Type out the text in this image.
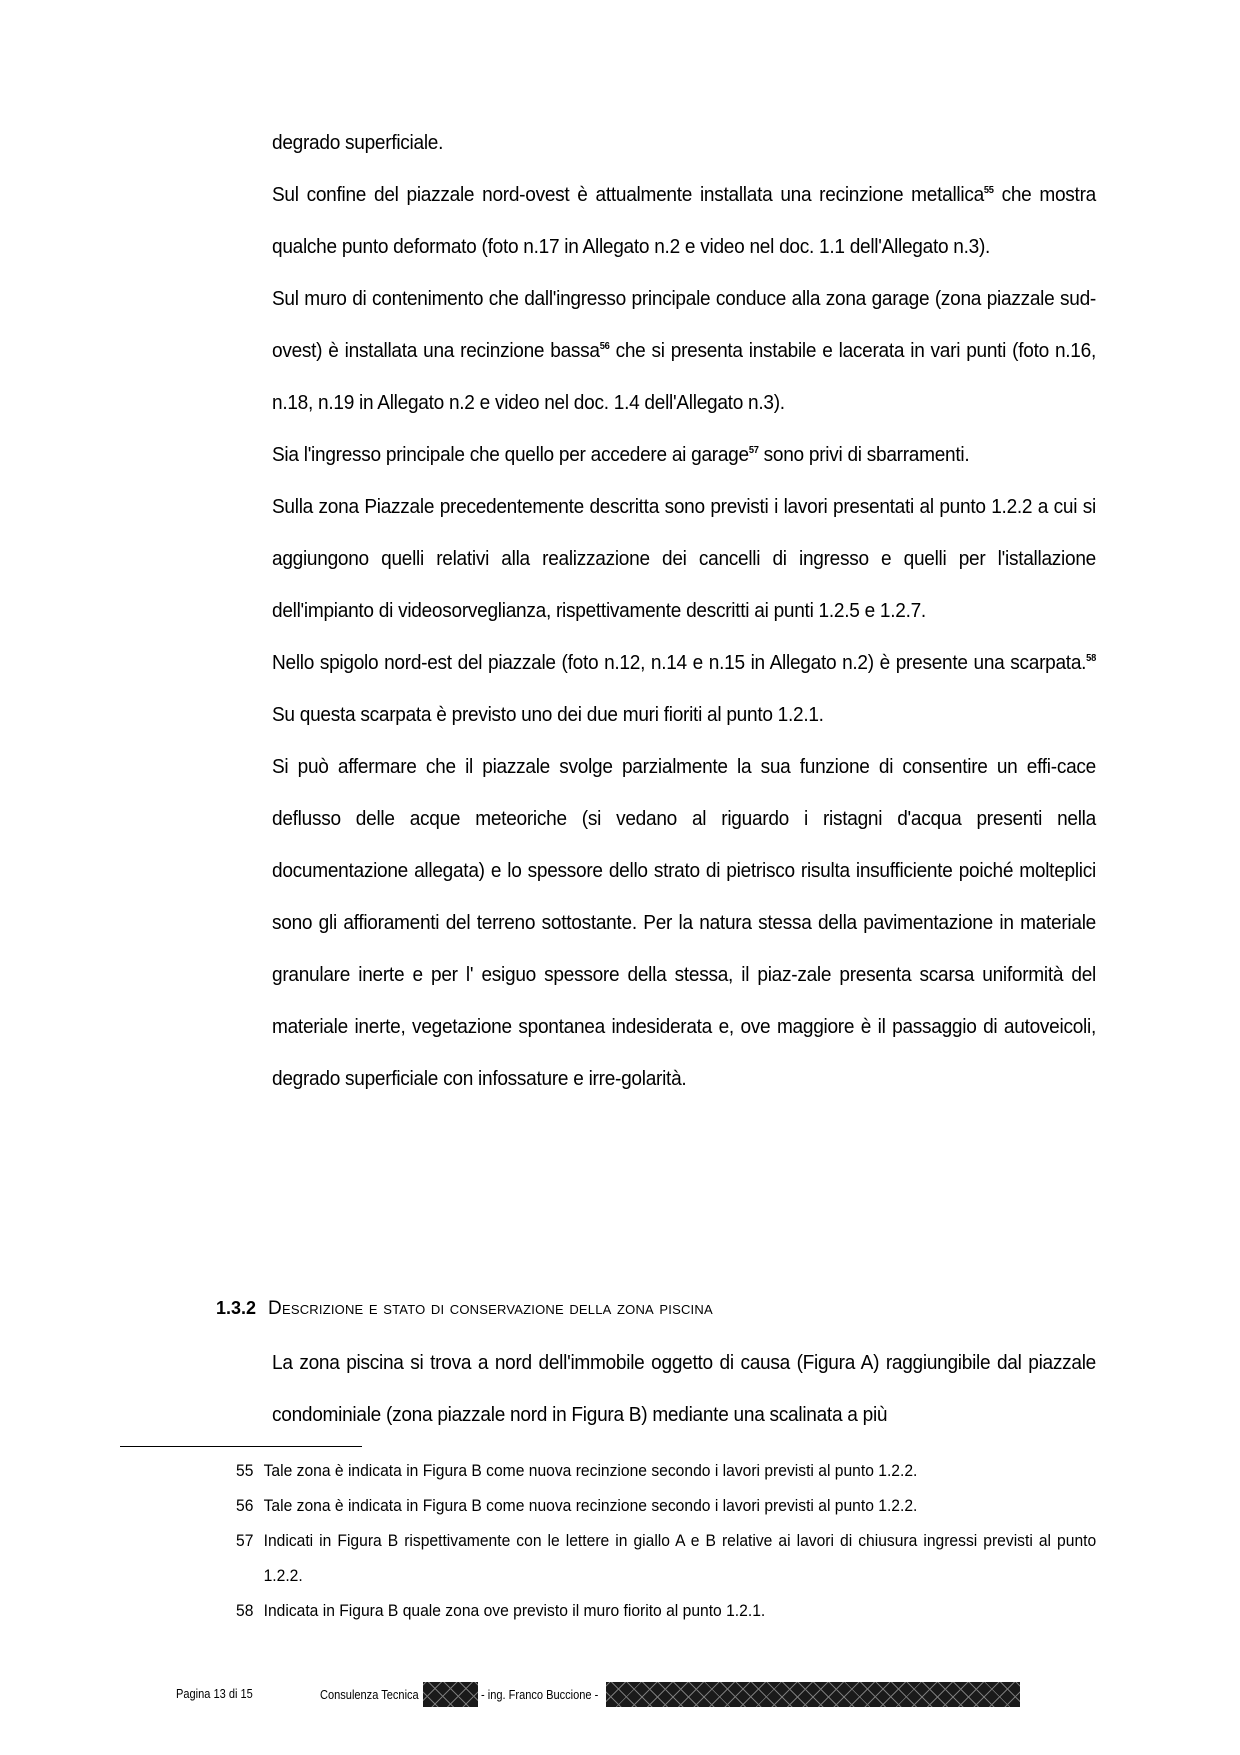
degrado superficiale.

Sul confine del piazzale nord-ovest è attualmente installata una recinzione metallica$^{55}$ che mostra qualche punto deformato (foto n.17 in Allegato n.2 e video nel doc. 1.1 dell'Allegato n.3).

Sul muro di contenimento che dall'ingresso principale conduce alla zona garage (zona piazzale sud-ovest) è installata una recinzione bassa$^{56}$ che si presenta instabile e lacerata in vari punti (foto n.16, n.18, n.19 in Allegato n.2 e video nel doc. 1.4 dell'Allegato n.3).

Sia l'ingresso principale che quello per accedere ai garage$^{57}$ sono privi di sbarramenti.

Sulla zona Piazzale precedentemente descritta sono previsti i lavori presentati al punto 1.2.2 a cui si aggiungono quelli relativi alla realizzazione dei cancelli di ingresso e quelli per l'istallazione dell'impianto di videosorveglianza, rispettivamente descritti ai punti 1.2.5 e 1.2.7.

Nello spigolo nord-est del piazzale (foto n.12, n.14 e n.15 in Allegato n.2) è presente una scarpata.$^{58}$ Su questa scarpata è previsto uno dei due muri fioriti al punto 1.2.1.

Si può affermare che il piazzale svolge parzialmente la sua funzione di consentire un effi-cace deflusso delle acque meteoriche (si vedano al riguardo i ristagni d'acqua presenti nella documentazione allegata) e lo spessore dello strato di pietrisco risulta insufficiente poiché molteplici sono gli affioramenti del terreno sottostante. Per la natura stessa della pavimentazione in materiale granulare inerte e per l' esiguo spessore della stessa, il piaz-zale presenta scarsa uniformità del materiale inerte, vegetazione spontanea indesiderata e, ove maggiore è il passaggio di autoveicoli, degrado superficiale con infossature e irre-golarità.

1.3.2 Descrizione e stato di conservazione della zona piscina

La zona piscina si trova a nord dell'immobile oggetto di causa (Figura A) raggiungibile dal piazzale condominiale (zona piazzale nord in Figura B) mediante una scalinata a più

55 Tale zona è indicata in Figura B come nuova recinzione secondo i lavori previsti al punto 1.2.2.
56 Tale zona è indicata in Figura B come nuova recinzione secondo i lavori previsti al punto 1.2.2.
57 Indicati in Figura B rispettivamente con le lettere in giallo A e B relative ai lavori di chiusura ingressi previsti al punto 1.2.2.
58 Indicata in Figura B quale zona ove previsto il muro fiorito al punto 1.2.1.
Pagina 13 di 15	Consulenza Tecnica	- ing. Franco Buccione -
